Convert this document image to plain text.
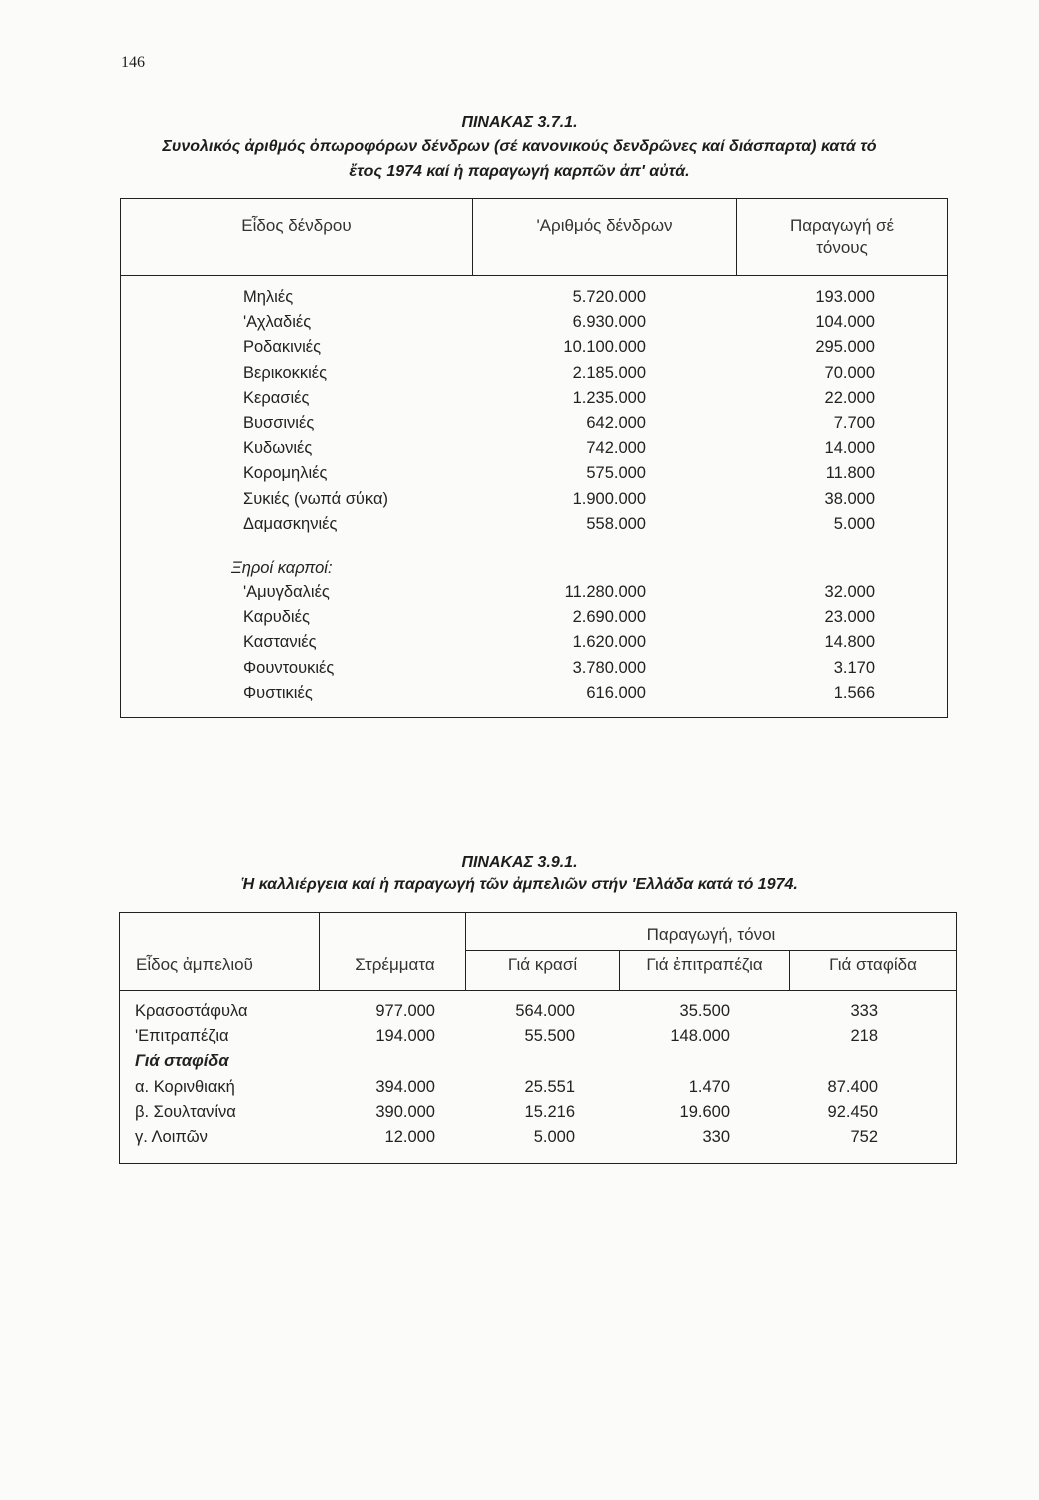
146
ΠΙΝΑΚΑΣ 3.7.1.
Συνολικός ἀριθμός ὀπωροφόρων δένδρων (σέ κανονικούς δενδρῶνες καί διάσπαρτα) κατά τό
ἔτος 1974 καί ἡ παραγωγή καρπῶν ἀπ' αὐτά.
Εἶδος δένδρου	'Αριθμός δένδρων	Παραγωγή σέ
τόνους
Μηλιές	5.720.000	193.000
'Αχλαδιές	6.930.000	104.000
Ροδακινιές	10.100.000	295.000
Βερικοκκιές	2.185.000	70.000
Κερασιές	1.235.000	22.000
Βυσσινιές	642.000	7.700
Κυδωνιές	742.000	14.000
Κορομηλιές	575.000	11.800
Συκιές (νωπά σύκα)	1.900.000	38.000
Δαμασκηνιές	558.000	5.000
Ξηροί καρποί:
'Αμυγδαλιές	11.280.000	32.000
Καρυδιές	2.690.000	23.000
Καστανιές	1.620.000	14.800
Φουντουκιές	3.780.000	3.170
Φυστικιές	616.000	1.566
ΠΙΝΑΚΑΣ 3.9.1.
Ἡ καλλιέργεια καί ἡ παραγωγή τῶν ἀμπελιῶν στήν 'Ελλάδα κατά τό 1974.
Εἶδος ἀμπελιοῦ	Στρέμματα
Παραγωγή, τόνοι
Γιά κρασί	Γιά ἐπιτραπέζια	Γιά σταφίδα
Κρασοστάφυλα	977.000	564.000	35.500	333
'Επιτραπέζια	194.000	55.500	148.000	218
Γιά σταφίδα
α. Κορινθιακή	394.000	25.551	1.470	87.400
β. Σουλτανίνα	390.000	15.216	19.600	92.450
γ. Λοιπῶν	12.000	5.000	330	752
